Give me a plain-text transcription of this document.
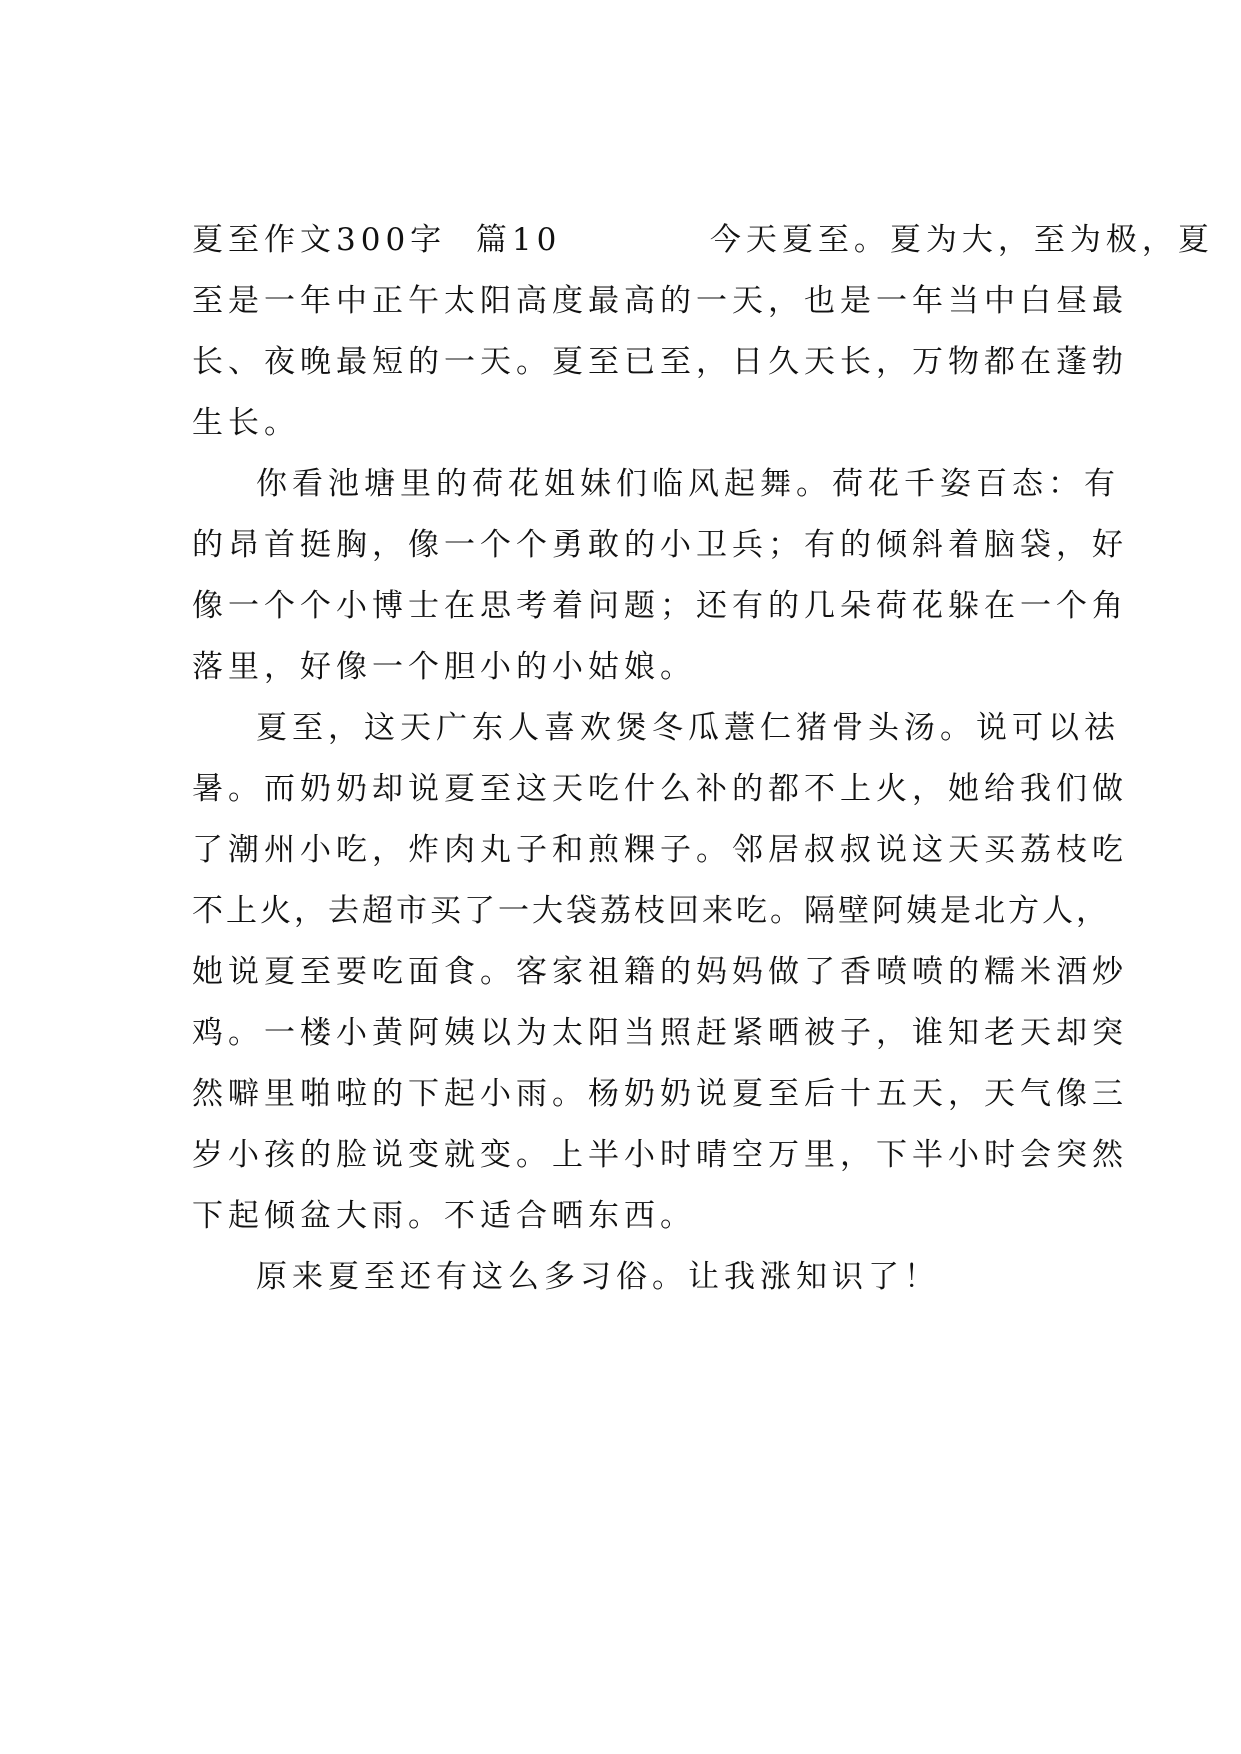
夏至作文300字  篇10          今天夏至。夏为大，至为极，夏
至是一年中正午太阳高度最高的一天，也是一年当中白昼最
长、夜晚最短的一天。夏至已至，日久天长，万物都在蓬勃
生长。
你看池塘里的荷花姐妹们临风起舞。荷花千姿百态：有
的昂首挺胸，像一个个勇敢的小卫兵；有的倾斜着脑袋，好
像一个个小博士在思考着问题；还有的几朵荷花躲在一个角
落里，好像一个胆小的小姑娘。
夏至，这天广东人喜欢煲冬瓜薏仁猪骨头汤。说可以祛
暑。而奶奶却说夏至这天吃什么补的都不上火，她给我们做
了潮州小吃，炸肉丸子和煎粿子。邻居叔叔说这天买荔枝吃
不上火，去超市买了一大袋荔枝回来吃。隔壁阿姨是北方人，
她说夏至要吃面食。客家祖籍的妈妈做了香喷喷的糯米酒炒
鸡。一楼小黄阿姨以为太阳当照赶紧晒被子，谁知老天却突
然噼里啪啦的下起小雨。杨奶奶说夏至后十五天，天气像三
岁小孩的脸说变就变。上半小时晴空万里，下半小时会突然
下起倾盆大雨。不适合晒东西。
原来夏至还有这么多习俗。让我涨知识了！
